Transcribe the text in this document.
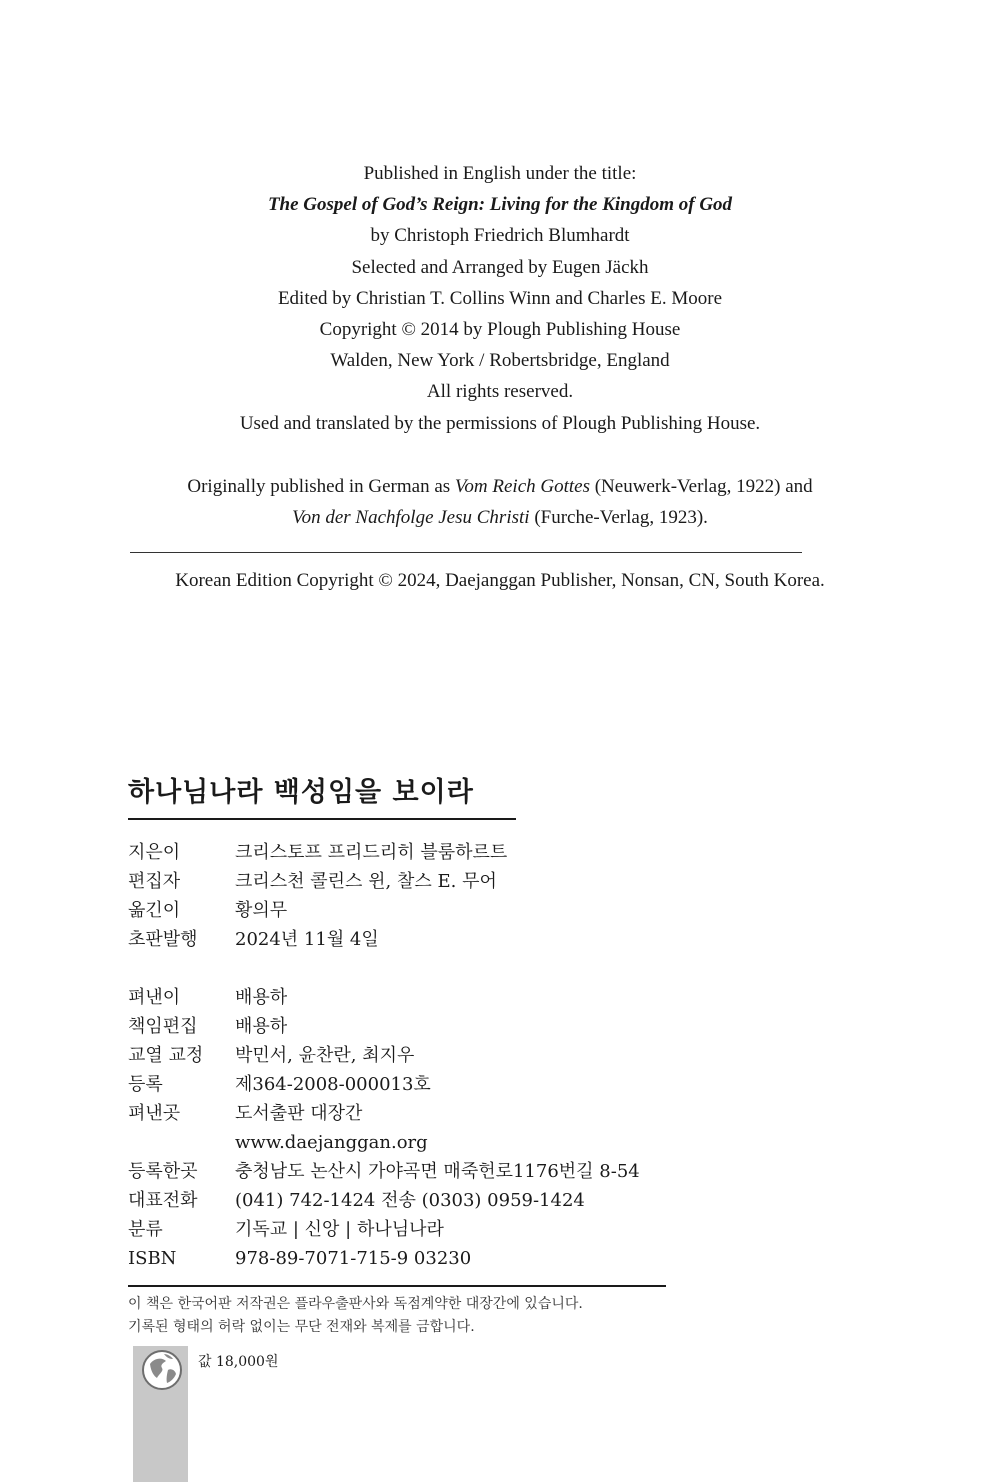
Published in English under the title:
The Gospel of God’s Reign: Living for the Kingdom of God
by Christoph Friedrich Blumhardt
Selected and Arranged by Eugen Jäckh
Edited by Christian T. Collins Winn and Charles E. Moore
Copyright © 2014 by Plough Publishing House
Walden, New York / Robertsbridge, England
All rights reserved.
Used and translated by the permissions of Plough Publishing House.
Originally published in German as Vom Reich Gottes (Neuwerk-Verlag, 1922) and
Von der Nachfolge Jesu Christi (Furche-Verlag, 1923).
Korean Edition Copyright © 2024, Daejanggan Publisher, Nonsan, CN, South Korea.
하나님나라 백성임을 보이라
지은이	크리스토프 프리드리히 블룸하르트
편집자	크리스천 콜린스 윈, 찰스 E. 무어
옮긴이	황의무
초판발행	2024년 11월 4일
펴낸이	배용하
책임편집	배용하
교열 교정	박민서, 윤찬란, 최지우
등록	제364-2008-000013호
펴낸곳	도서출판 대장간
www.daejanggan.org
등록한곳	충청남도 논산시 가야곡면 매죽헌로1176번길 8-54
대표전화	(041) 742-1424 전송 (0303) 0959-1424
분류	기독교 | 신앙 | 하나님나라
ISBN	978-89-7071-715-9 03230
이 책은 한국어판 저작권은 플라우출판사와 독점계약한 대장간에 있습니다.
기록된 형태의 허락 없이는 무단 전재와 복제를 금합니다.
값 18,000원
